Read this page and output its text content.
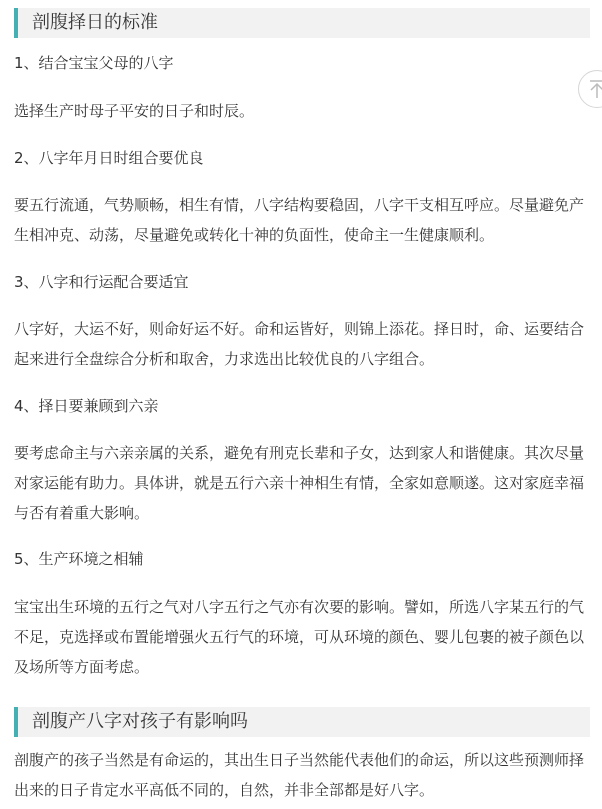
剖腹择日的标准

1、结合宝宝父母的八字

选择生产时母子平安的日子和时辰。

2、八字年月日时组合要优良

要五行流通，气势顺畅，相生有情，八字结构要稳固，八字干支相互呼应。尽量避免产生相冲克、动荡，尽量避免或转化十神的负面性，使命主一生健康顺利。

3、八字和行运配合要适宜

八字好，大运不好，则命好运不好。命和运皆好，则锦上添花。择日时，命、运要结合起来进行全盘综合分析和取舍，力求选出比较优良的八字组合。

4、择日要兼顾到六亲

要考虑命主与六亲亲属的关系，避免有刑克长辈和子女，达到家人和谐健康。其次尽量对家运能有助力。具体讲，就是五行六亲十神相生有情，全家如意顺遂。这对家庭幸福与否有着重大影响。

5、生产环境之相辅

宝宝出生环境的五行之气对八字五行之气亦有次要的影响。譬如，所选八字某五行的气不足，克选择或布置能增强火五行气的环境，可从环境的颜色、婴儿包裹的被子颜色以及场所等方面考虑。

剖腹产八字对孩子有影响吗

剖腹产的孩子当然是有命运的，其出生日子当然能代表他们的命运，所以这些预测师择出来的日子肯定水平高低不同的，自然，并非全部都是好八字。
